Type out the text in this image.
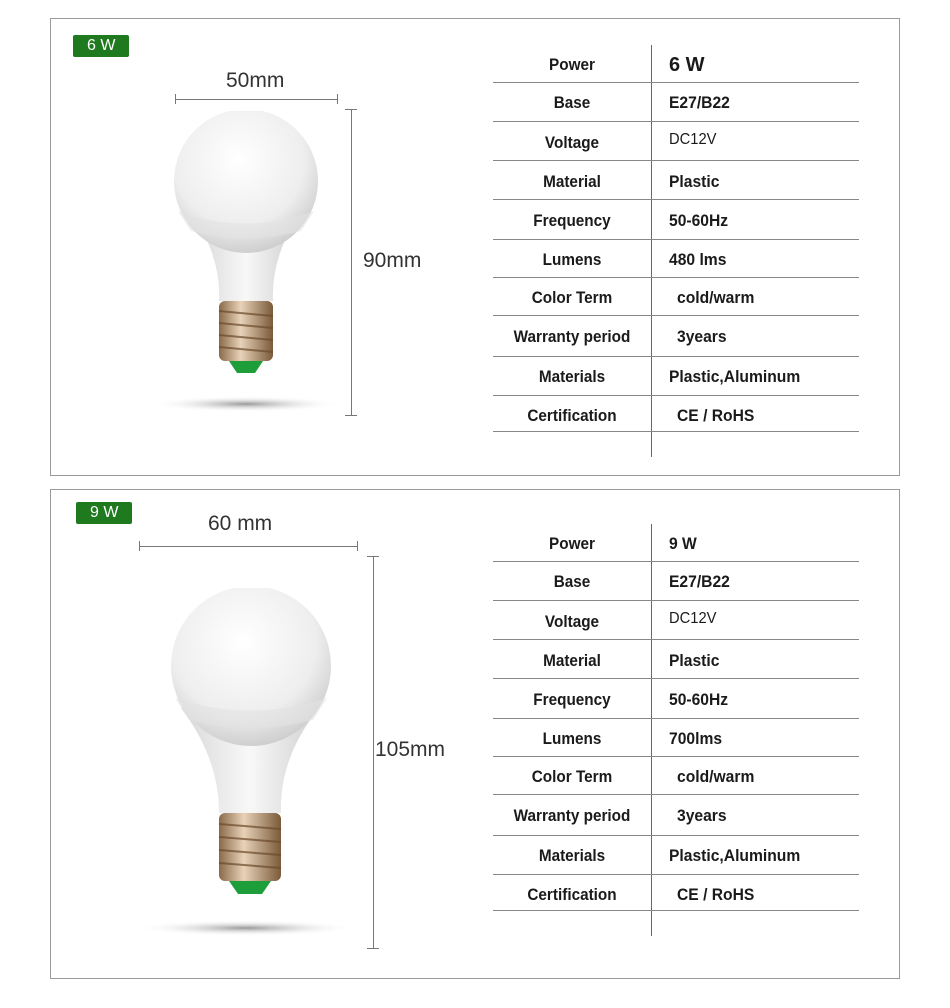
6 W
50mm
90mm
Power	6 W
Base	E27/B22
Voltage	DC12V
Material	Plastic
Frequency	50-60Hz
Lumens	480 lms
Color Term	cold/warm
Warranty period	3years
Materials	Plastic,Aluminum
Certification	CE / RoHS
9 W	60 mm
105mm
Power	9 W
Base	E27/B22
Voltage	DC12V
Material	Plastic
Frequency	50-60Hz
Lumens	700lms
Color Term	cold/warm
Warranty period	3years
Materials	Plastic,Aluminum
Certification	CE / RoHS
